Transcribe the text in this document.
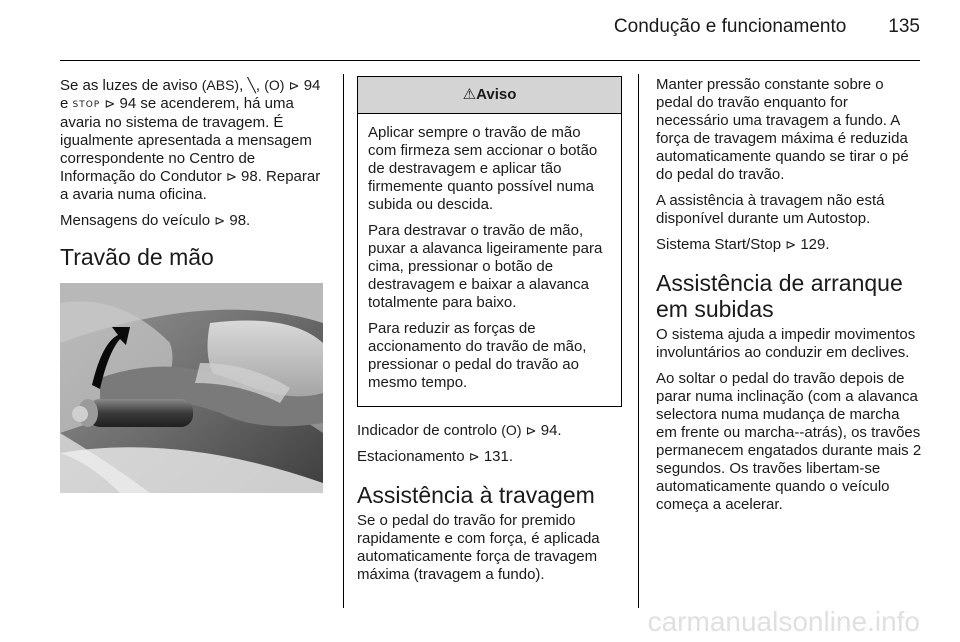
Condução e funcionamento 135

Se as luzes de aviso (ABS), ╲, (O) ⊳ 94 e STOP ⊳ 94 se acenderem, há uma avaria no sistema de travagem. É igualmente apresentada a mensagem correspondente no Centro de Informação do Condutor ⊳ 98. Reparar a avaria numa oficina.

Mensagens do veículo ⊳ 98.

Travão de mão
⚠Aviso

Aplicar sempre o travão de mão com firmeza sem accionar o botão de destravagem e aplicar tão firmemente quanto possível numa subida ou descida.

Para destravar o travão de mão, puxar a alavanca ligeiramente para cima, pressionar o botão de destravagem e baixar a alavanca totalmente para baixo.

Para reduzir as forças de accionamento do travão de mão, pressionar o pedal do travão ao mesmo tempo.

Indicador de controlo (O) ⊳ 94.

Estacionamento ⊳ 131.

Assistência à travagem

Se o pedal do travão for premido rapidamente e com força, é aplicada automaticamente força de travagem máxima (travagem a fundo).

Manter pressão constante sobre o pedal do travão enquanto for necessário uma travagem a fundo. A força de travagem máxima é reduzida automaticamente quando se tirar o pé do pedal do travão.

A assistência à travagem não está disponível durante um Autostop.

Sistema Start/Stop ⊳ 129.

Assistência de arranque em subidas

O sistema ajuda a impedir movimentos involuntários ao conduzir em declives.

Ao soltar o pedal do travão depois de parar numa inclinação (com a alavanca selectora numa mudança de marcha em frente ou marcha--atrás), os travões permanecem engatados durante mais 2 segundos. Os travões libertam-se automaticamente quando o veículo começa a acelerar.

carmanualsonline.info
